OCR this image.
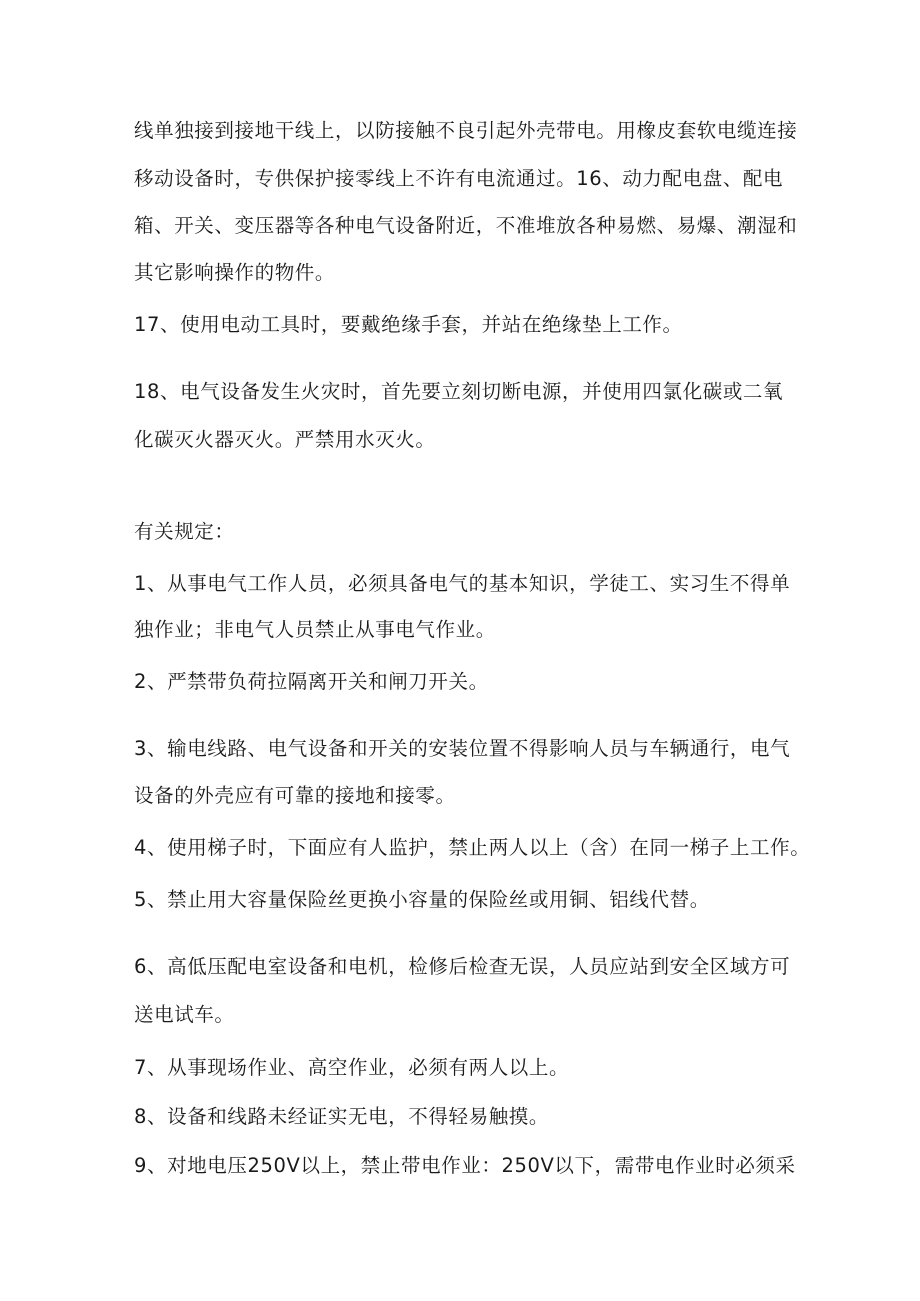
线单独接到接地干线上，以防接触不良引起外壳带电。用橡皮套软电缆连接
移动设备时，专供保护接零线上不许有电流通过。16、动力配电盘、配电
箱、开关、变压器等各种电气设备附近，不准堆放各种易燃、易爆、潮湿和
其它影响操作的物件。
17、使用电动工具时，要戴绝缘手套，并站在绝缘垫上工作。
18、电气设备发生火灾时，首先要立刻切断电源，并使用四氯化碳或二氧
化碳灭火器灭火。严禁用水灭火。
有关规定：
1、从事电气工作人员，必须具备电气的基本知识，学徒工、实习生不得单
独作业；非电气人员禁止从事电气作业。
2、严禁带负荷拉隔离开关和闸刀开关。
3、输电线路、电气设备和开关的安装位置不得影响人员与车辆通行，电气
设备的外壳应有可靠的接地和接零。
4、使用梯子时，下面应有人监护，禁止两人以上（含）在同一梯子上工作。
5、禁止用大容量保险丝更换小容量的保险丝或用铜、铝线代替。
6、高低压配电室设备和电机，检修后检查无误，人员应站到安全区域方可
送电试车。
7、从事现场作业、高空作业，必须有两人以上。
8、设备和线路未经证实无电，不得轻易触摸。
9、对地电压250V以上，禁止带电作业：250V以下，需带电作业时必须采
